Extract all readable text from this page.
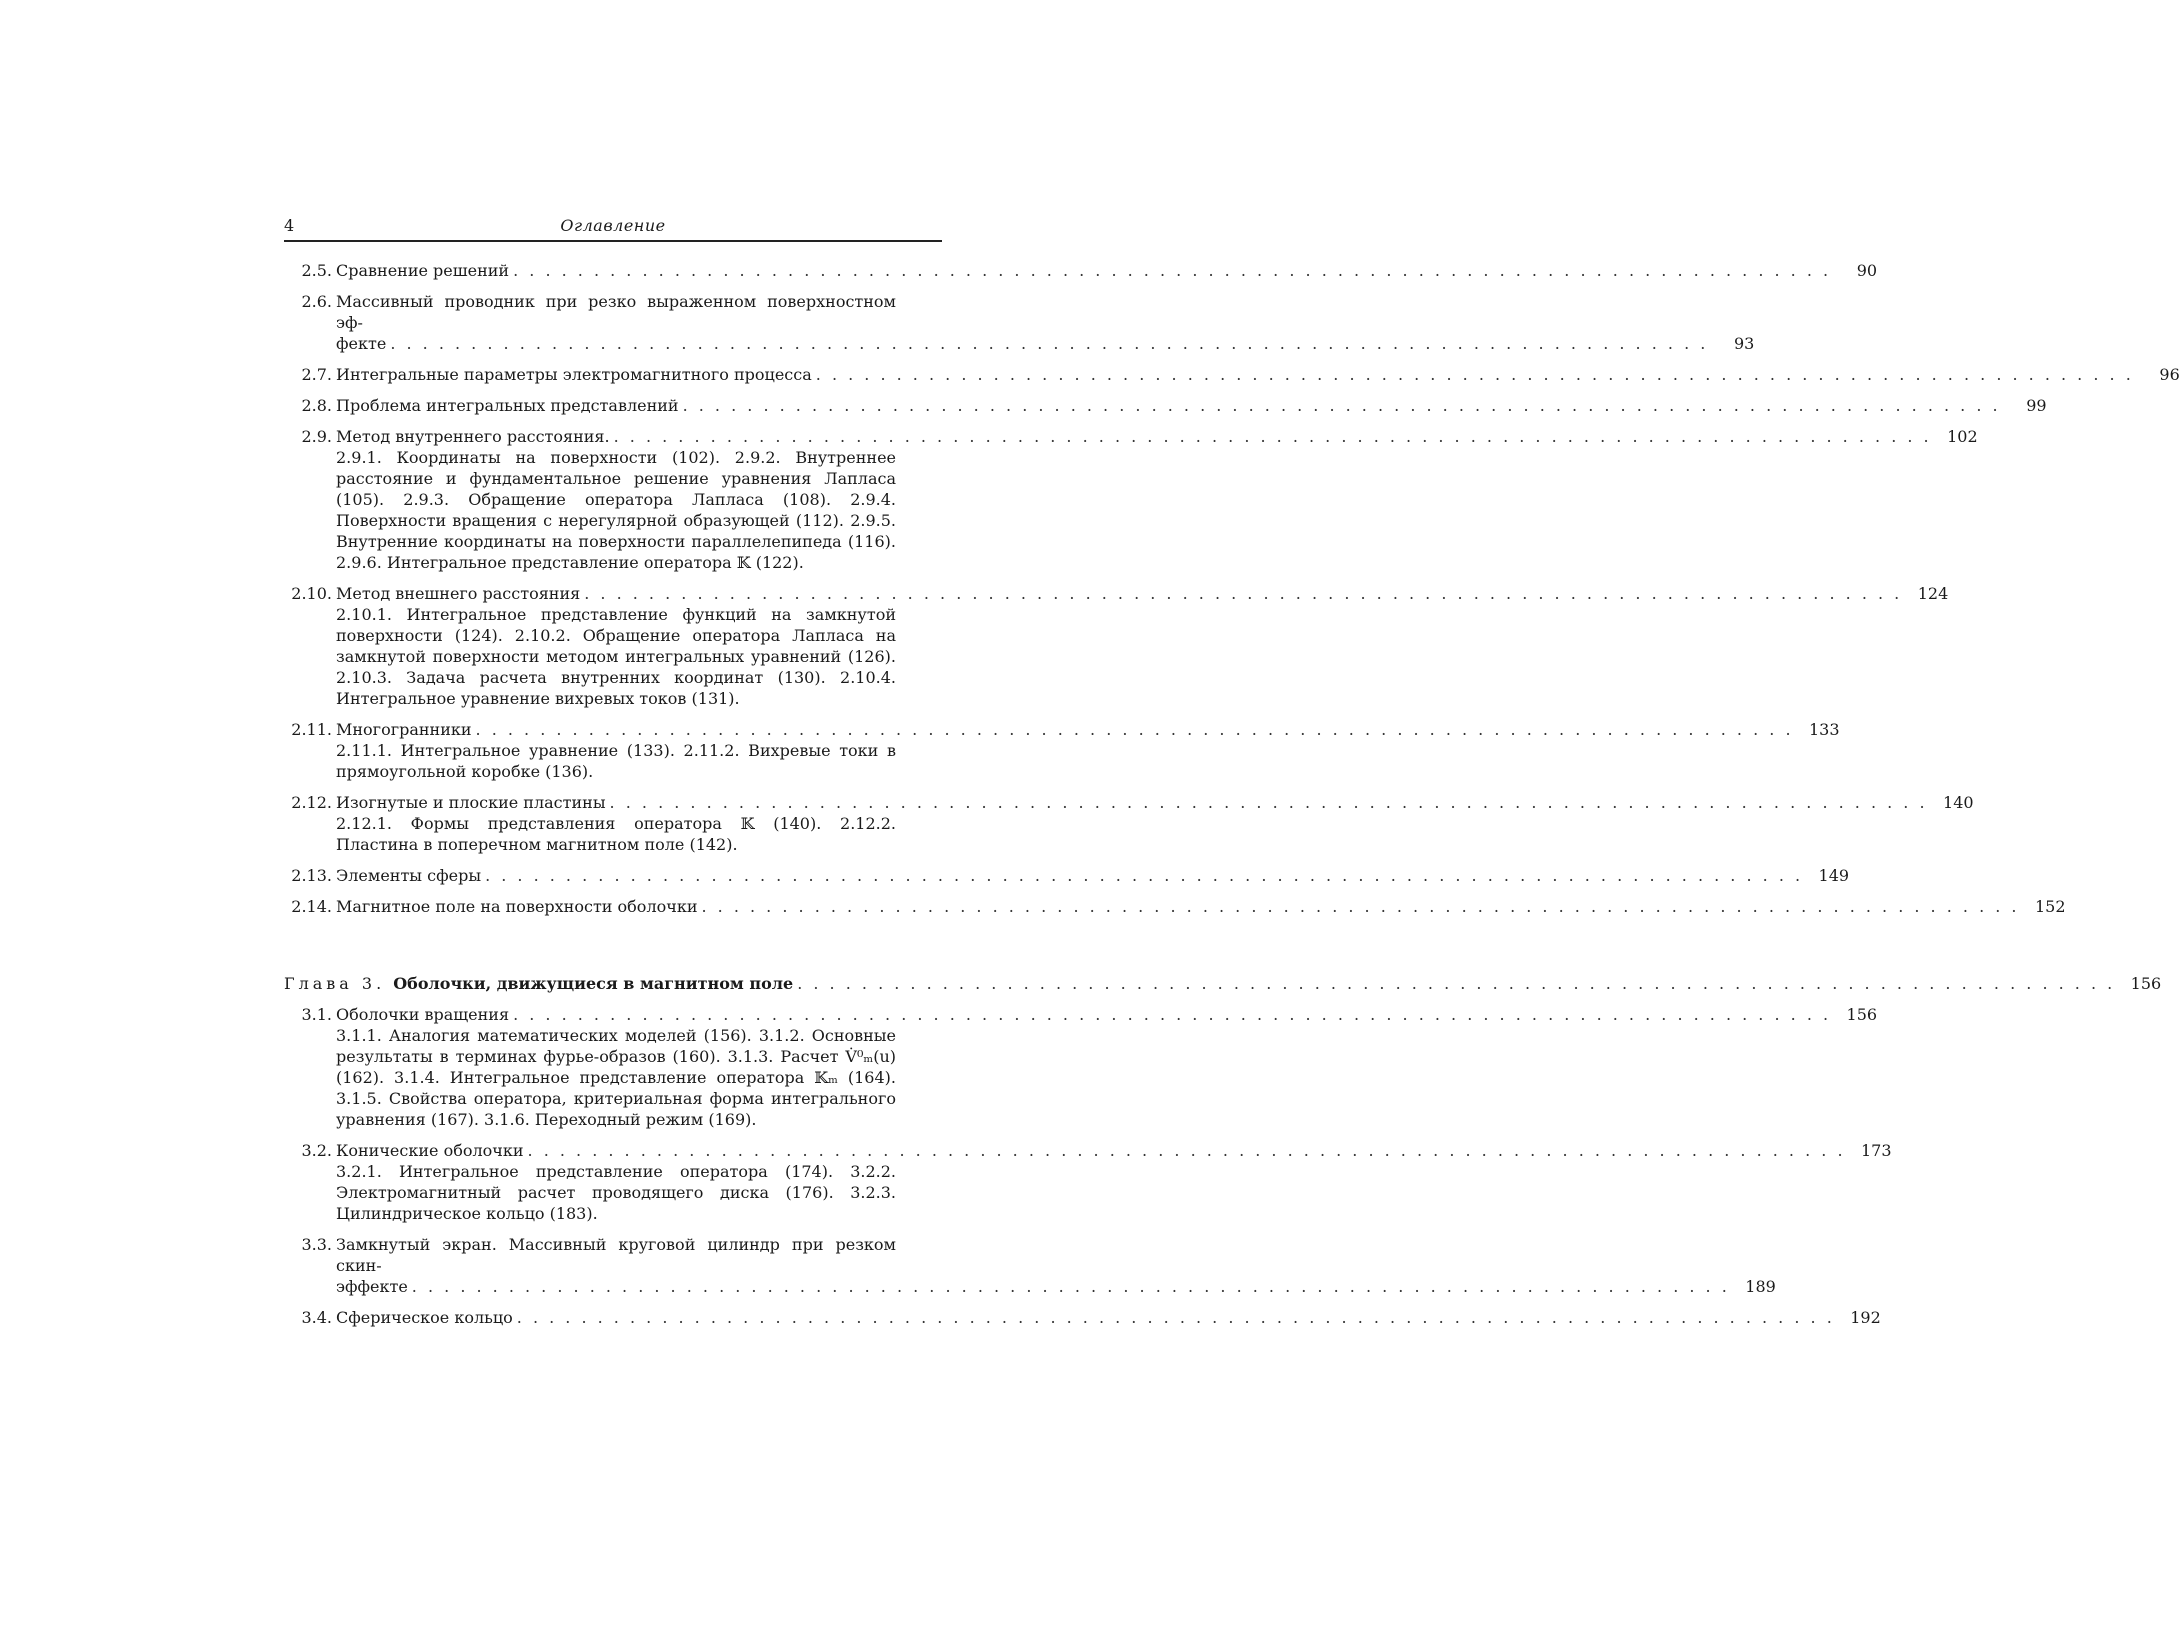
4	Оглавление
2.5. Сравнение решений . . .	90
2.6. Массивный проводник при резко выраженном поверхностном эф-
фекте . . .	93
2.7. Интегральные параметры электромагнитного процесса . . .	96
2.8. Проблема интегральных представлений . . .	99
2.9. Метод внутреннего расстояния. . . .	102
2.9.1. Координаты на поверхности (102). 2.9.2. Внутреннее расстояние и фундаментальное решение уравнения Лапласа (105). 2.9.3. Обращение оператора Лапласа (108). 2.9.4. Поверхности вращения с нерегулярной образующей (112). 2.9.5. Внутренние координаты на поверхности параллелепипеда (116). 2.9.6. Интегральное представление оператора 𝕂 (122).
2.10. Метод внешнего расстояния . . .	124
2.10.1. Интегральное представление функций на замкнутой поверхности (124). 2.10.2. Обращение оператора Лапласа на замкнутой поверхности методом интегральных уравнений (126). 2.10.3. Задача расчета внутренних координат (130). 2.10.4. Интегральное уравнение вихревых токов (131).
2.11. Многогранники . . .	133
2.11.1. Интегральное уравнение (133). 2.11.2. Вихревые токи в прямоугольной коробке (136).
2.12. Изогнутые и плоские пластины . . .	140
2.12.1. Формы представления оператора 𝕂 (140). 2.12.2. Пластина в поперечном магнитном поле (142).
2.13. Элементы сферы . . .	149
2.14. Магнитное поле на поверхности оболочки . . .	152
Глава 3. Оболочки, движущиеся в магнитном поле . . .	156
3.1. Оболочки вращения . . .	156
3.1.1. Аналогия математических моделей (156). 3.1.2. Основные результаты в терминах фурье-образов (160). 3.1.3. Расчет V̇⁰ₘ(u) (162). 3.1.4. Интегральное представление оператора 𝕂ₘ (164). 3.1.5. Свойства оператора, критериальная форма интегрального уравнения (167). 3.1.6. Переходный режим (169).
3.2. Конические оболочки . . .	173
3.2.1. Интегральное представление оператора (174). 3.2.2. Электромагнитный расчет проводящего диска (176). 3.2.3. Цилиндрическое кольцо (183).
3.3. Замкнутый экран. Массивный круговой цилиндр при резком скин-
эффекте . . .	189
3.4. Сферическое кольцо . . .	192
